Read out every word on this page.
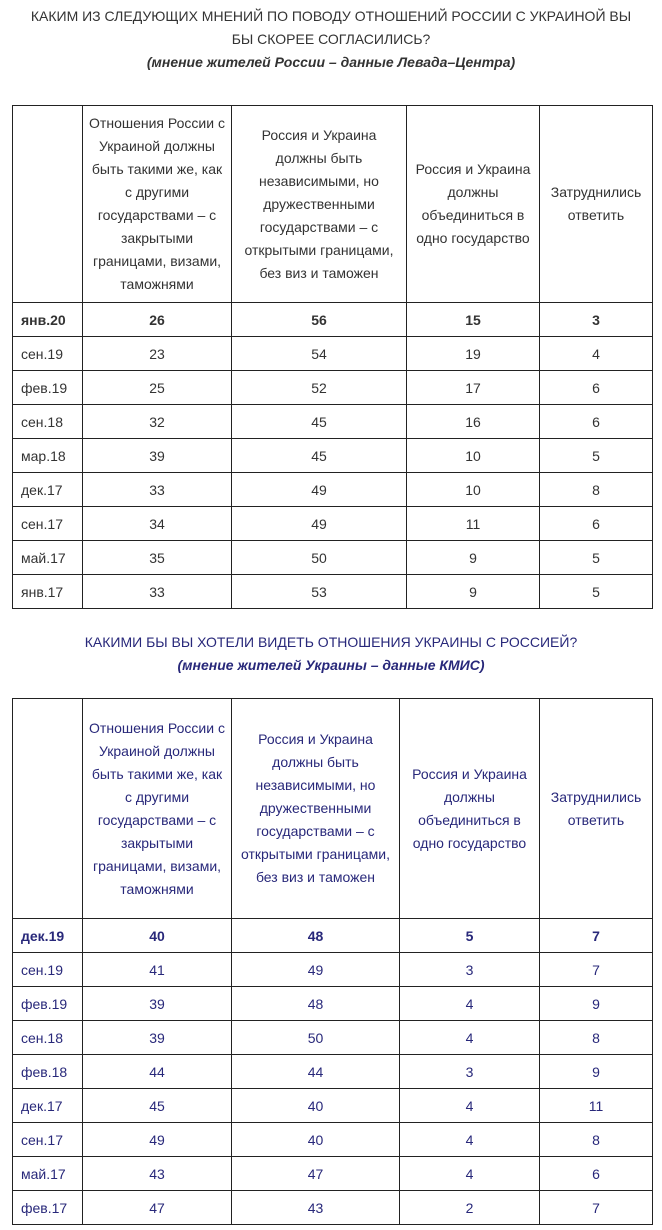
КАКИМ ИЗ СЛЕДУЮЩИХ МНЕНИЙ ПО ПОВОДУ ОТНОШЕНИЙ РОССИИ С УКРАИНОЙ ВЫ БЫ СКОРЕЕ СОГЛАСИЛИСЬ?
(мнение жителей России – данные Левада–Центра)
	Отношения России с Украиной должны быть такими же, как с другими государствами – с закрытыми границами, визами, таможнями	Россия и Украина должны быть независимыми, но дружественными государствами – с открытыми границами, без виз и таможен	Россия и Украина должны объединиться в одно государство	Затруднились ответить
янв.20	26	56	15	3
сен.19	23	54	19	4
фев.19	25	52	17	6
сен.18	32	45	16	6
мар.18	39	45	10	5
дек.17	33	49	10	8
сен.17	34	49	11	6
май.17	35	50	9	5
янв.17	33	53	9	5
КАКИМИ БЫ ВЫ ХОТЕЛИ ВИДЕТЬ ОТНОШЕНИЯ УКРАИНЫ С РОССИЕЙ?
(мнение жителей Украины – данные КМИС)
	Отношения России с Украиной должны быть такими же, как с другими государствами – с закрытыми границами, визами, таможнями	Россия и Украина должны быть независимыми, но дружественными государствами – с открытыми границами, без виз и таможен	Россия и Украина должны объединиться в одно государство	Затруднились ответить
дек.19	40	48	5	7
сен.19	41	49	3	7
фев.19	39	48	4	9
сен.18	39	50	4	8
фев.18	44	44	3	9
дек.17	45	40	4	11
сен.17	49	40	4	8
май.17	43	47	4	6
фев.17	47	43	2	7
